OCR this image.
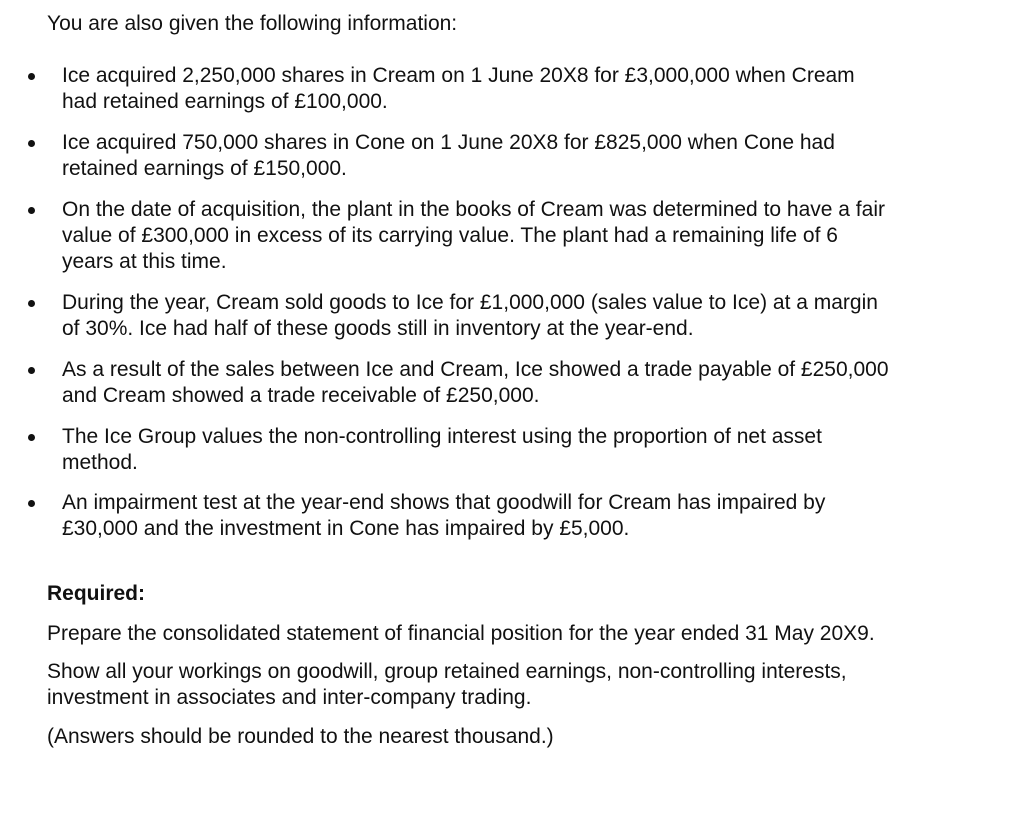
You are also given the following information:

Ice acquired 2,250,000 shares in Cream on 1 June 20X8 for £3,000,000 when Cream
had retained earnings of £100,000.

Ice acquired 750,000 shares in Cone on 1 June 20X8 for £825,000 when Cone had
retained earnings of £150,000.

On the date of acquisition, the plant in the books of Cream was determined to have a fair
value of £300,000 in excess of its carrying value. The plant had a remaining life of 6
years at this time.

During the year, Cream sold goods to Ice for £1,000,000 (sales value to Ice) at a margin
of 30%. Ice had half of these goods still in inventory at the year-end.

As a result of the sales between Ice and Cream, Ice showed a trade payable of £250,000
and Cream showed a trade receivable of £250,000.

The Ice Group values the non-controlling interest using the proportion of net asset
method.

An impairment test at the year-end shows that goodwill for Cream has impaired by
£30,000 and the investment in Cone has impaired by £5,000.

Required:

Prepare the consolidated statement of financial position for the year ended 31 May 20X9.

Show all your workings on goodwill, group retained earnings, non-controlling interests,
investment in associates and inter-company trading.

(Answers should be rounded to the nearest thousand.)
